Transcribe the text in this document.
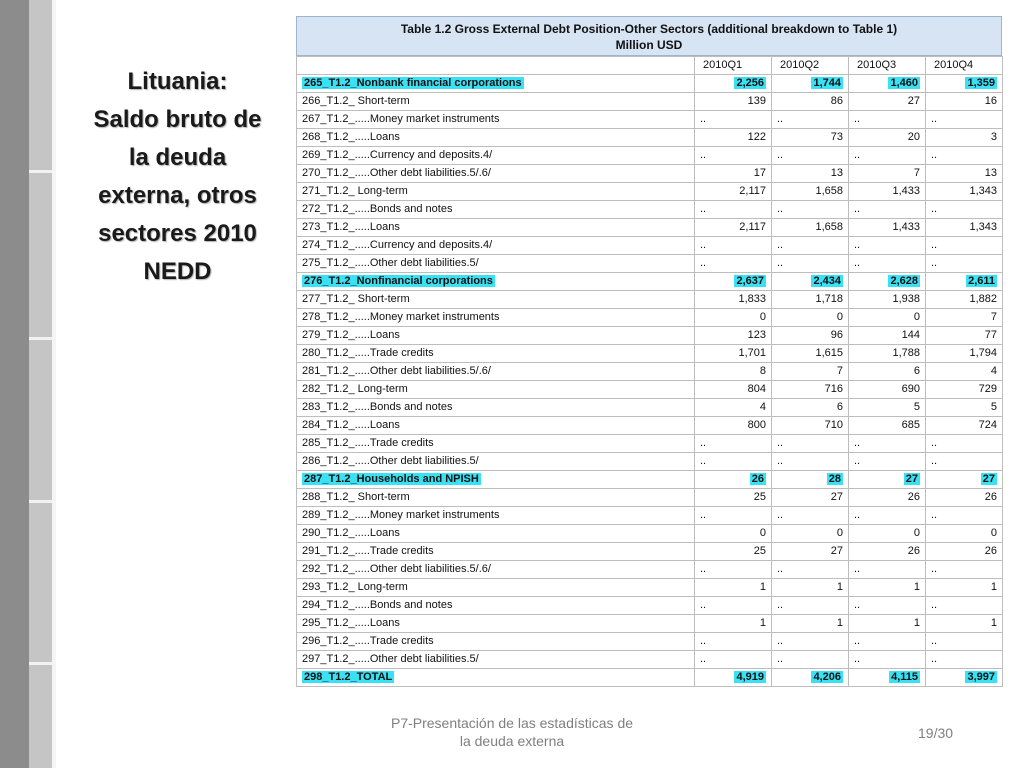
Lituania:
Saldo bruto de
la deuda
externa, otros
sectores 2010
NEDD
Table 1.2 Gross External Debt Position-Other Sectors (additional breakdown to Table 1)
Million USD
	2010Q1	2010Q2	2010Q3	2010Q4
265_T1.2_Nonbank financial corporations	2,256	1,744	1,460	1,359
266_T1.2_ Short-term	139	86	27	16
267_T1.2_.....Money market instruments	..	..	..	..
268_T1.2_.....Loans	122	73	20	3
269_T1.2_.....Currency and deposits.4/	..	..	..	..
270_T1.2_.....Other debt liabilities.5/.6/	17	13	7	13
271_T1.2_ Long-term	2,117	1,658	1,433	1,343
272_T1.2_.....Bonds and notes	..	..	..	..
273_T1.2_.....Loans	2,117	1,658	1,433	1,343
274_T1.2_.....Currency and deposits.4/	..	..	..	..
275_T1.2_.....Other debt liabilities.5/	..	..	..	..
276_T1.2_Nonfinancial corporations	2,637	2,434	2,628	2,611
277_T1.2_ Short-term	1,833	1,718	1,938	1,882
278_T1.2_.....Money market instruments	0	0	0	7
279_T1.2_.....Loans	123	96	144	77
280_T1.2_.....Trade credits	1,701	1,615	1,788	1,794
281_T1.2_.....Other debt liabilities.5/.6/	8	7	6	4
282_T1.2_ Long-term	804	716	690	729
283_T1.2_.....Bonds and notes	4	6	5	5
284_T1.2_.....Loans	800	710	685	724
285_T1.2_.....Trade credits	..	..	..	..
286_T1.2_.....Other debt liabilities.5/	..	..	..	..
287_T1.2_Households and NPISH	26	28	27	27
288_T1.2_ Short-term	25	27	26	26
289_T1.2_.....Money market instruments	..	..	..	..
290_T1.2_.....Loans	0	0	0	0
291_T1.2_.....Trade credits	25	27	26	26
292_T1.2_.....Other debt liabilities.5/.6/	..	..	..	..
293_T1.2_ Long-term	1	1	1	1
294_T1.2_.....Bonds and notes	..	..	..	..
295_T1.2_.....Loans	1	1	1	1
296_T1.2_.....Trade credits	..	..	..	..
297_T1.2_.....Other debt liabilities.5/	..	..	..	..
298_T1.2_TOTAL	4,919	4,206	4,115	3,997
P7-Presentación de las estadísticas de
la deuda externa	19/30
